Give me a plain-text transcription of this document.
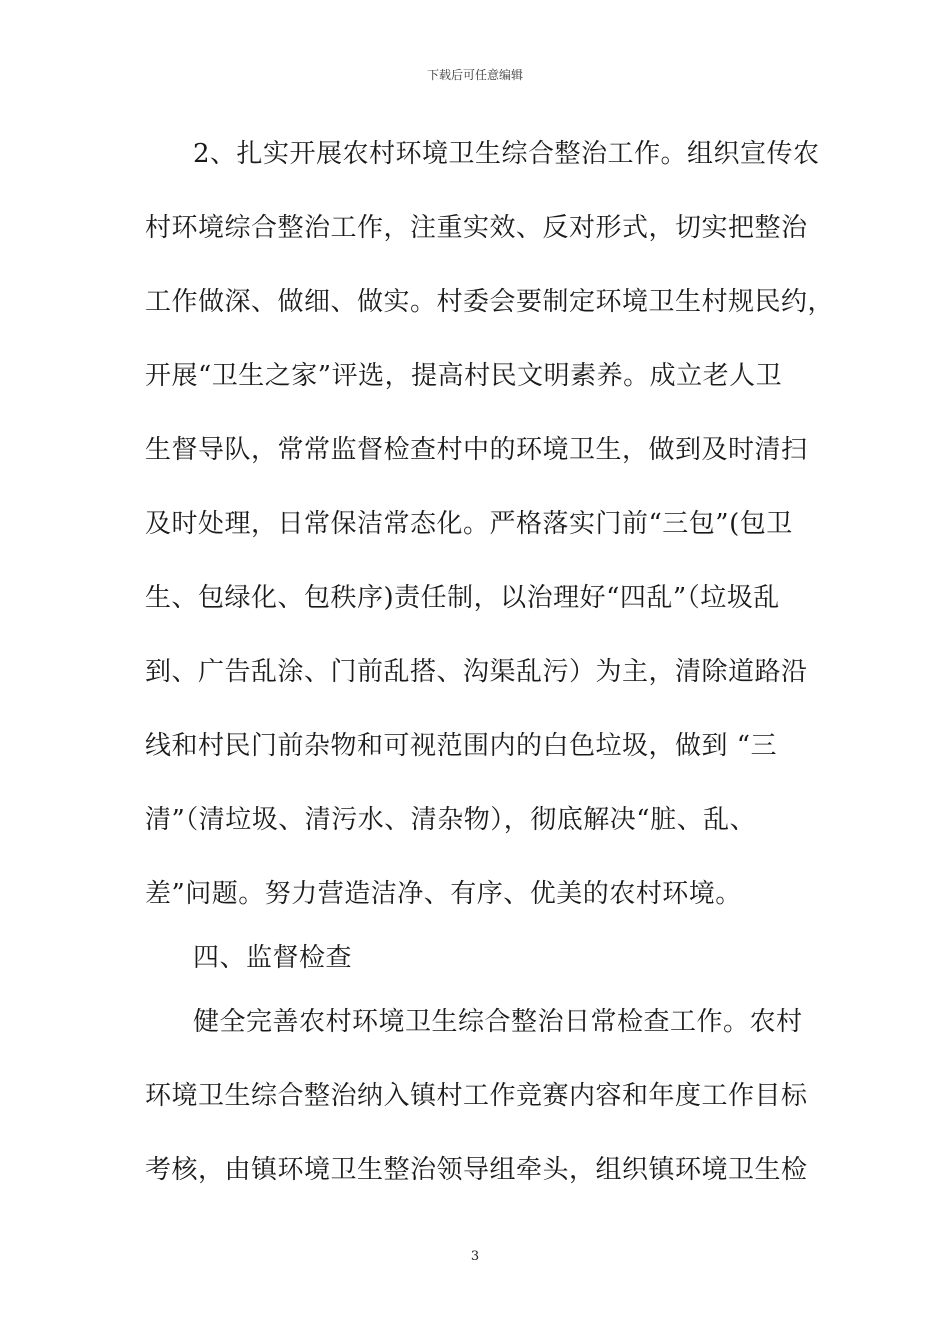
下载后可任意编辑
2、扎实开展农村环境卫生综合整治工作。组织宣传农
村环境综合整治工作，注重实效、反对形式，切实把整治
工作做深、做细、做实。村委会要制定环境卫生村规民约，
开展“卫生之家”评选，提高村民文明素养。成立老人卫
生督导队，常常监督检查村中的环境卫生，做到及时清扫
及时处理，日常保洁常态化。严格落实门前“三包”(包卫
生、包绿化、包秩序)责任制，以治理好“四乱”（垃圾乱
到、广告乱涂、门前乱搭、沟渠乱污）为主，清除道路沿
线和村民门前杂物和可视范围内的白色垃圾，做到 “三
清”（清垃圾、清污水、清杂物），彻底解决“脏、乱、
差”问题。努力营造洁净、有序、优美的农村环境。
四、监督检查
健全完善农村环境卫生综合整治日常检查工作。农村
环境卫生综合整治纳入镇村工作竞赛内容和年度工作目标
考核，由镇环境卫生整治领导组牵头，组织镇环境卫生检
3
